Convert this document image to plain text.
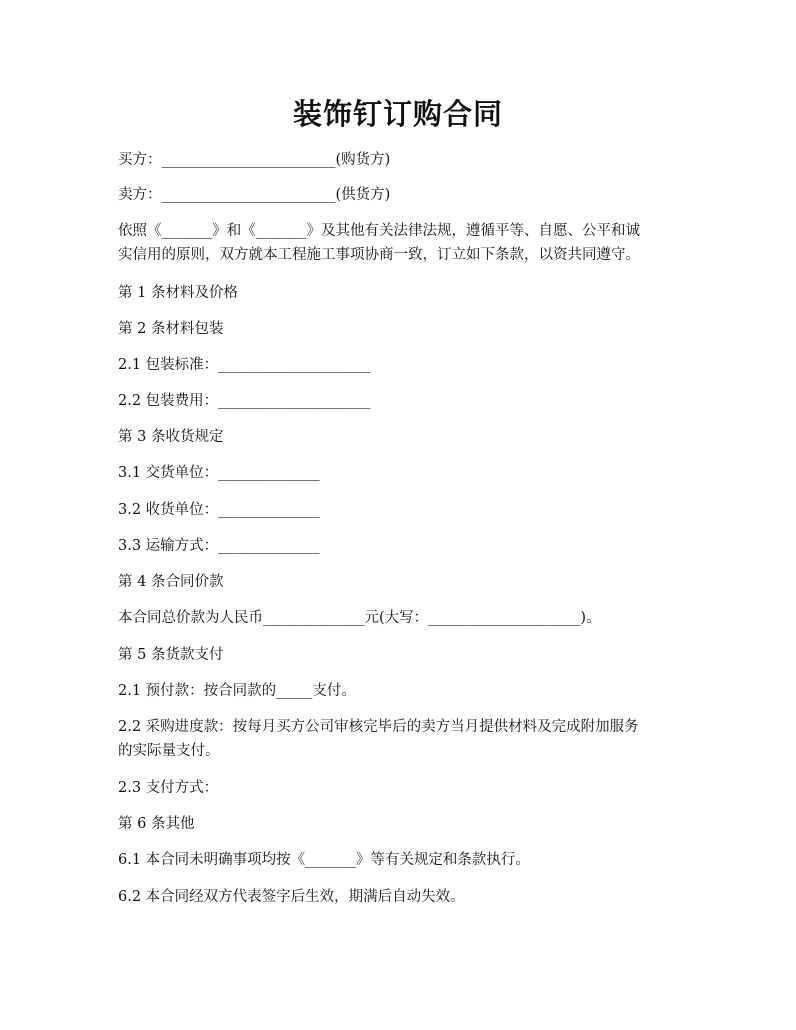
装饰钉订购合同
买方：________________________(购货方)
卖方：________________________(供货方)
依照《_______》和《_______》及其他有关法律法规，遵循平等、自愿、公平和诚
实信用的原则，双方就本工程施工事项协商一致，订立如下条款，以资共同遵守。
第 1 条材料及价格
第 2 条材料包装
2.1 包装标准：_____________________
2.2 包装费用：_____________________
第 3 条收货规定
3.1 交货单位：______________
3.2 收货单位：______________
3.3 运输方式：______________
第 4 条合同价款
本合同总价款为人民币______________元(大写：_____________________)。
第 5 条货款支付
2.1 预付款：按合同款的_____支付。
2.2 采购进度款：按每月买方公司审核完毕后的卖方当月提供材料及完成附加服务
的实际量支付。
2.3 支付方式：
第 6 条其他
6.1 本合同未明确事项均按《_______》等有关规定和条款执行。
6.2 本合同经双方代表签字后生效，期满后自动失效。
